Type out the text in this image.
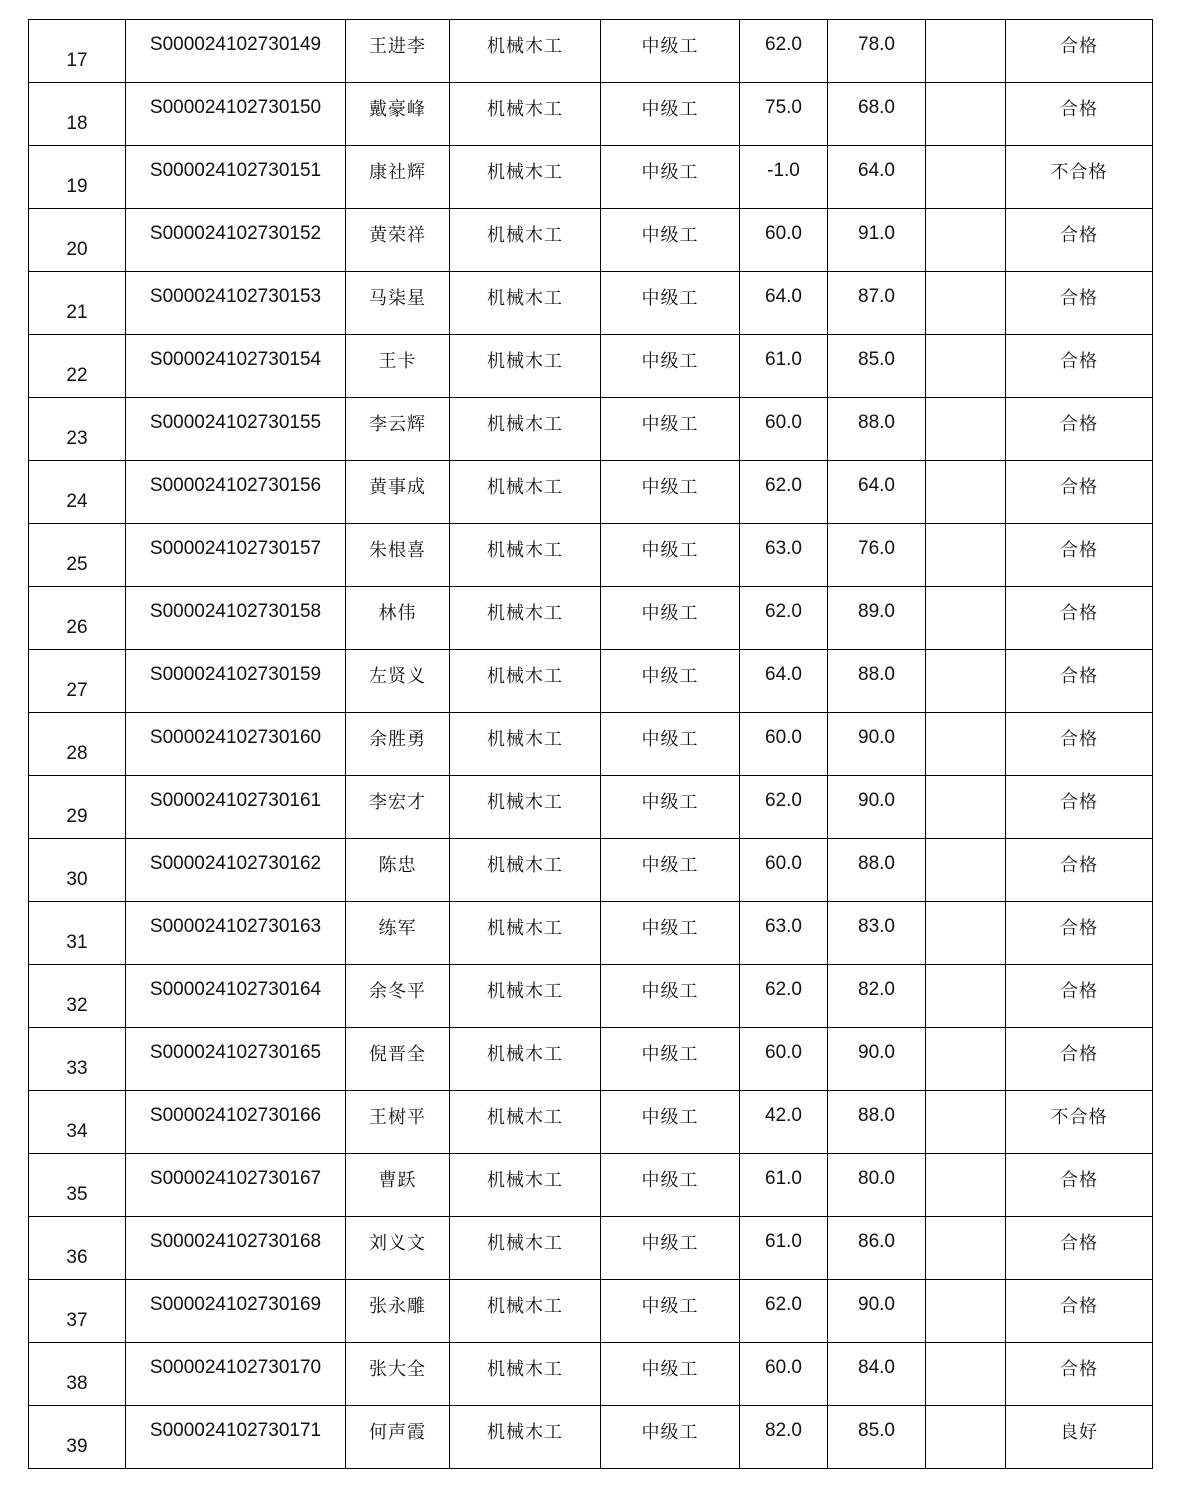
17	S000024102730149	王进李	机械木工	中级工	62.0	78.0		合格
18	S000024102730150	戴豪峰	机械木工	中级工	75.0	68.0		合格
19	S000024102730151	康社辉	机械木工	中级工	-1.0	64.0		不合格
20	S000024102730152	黄荣祥	机械木工	中级工	60.0	91.0		合格
21	S000024102730153	马柒星	机械木工	中级工	64.0	87.0		合格
22	S000024102730154	王卡	机械木工	中级工	61.0	85.0		合格
23	S000024102730155	李云辉	机械木工	中级工	60.0	88.0		合格
24	S000024102730156	黄事成	机械木工	中级工	62.0	64.0		合格
25	S000024102730157	朱根喜	机械木工	中级工	63.0	76.0		合格
26	S000024102730158	林伟	机械木工	中级工	62.0	89.0		合格
27	S000024102730159	左贤义	机械木工	中级工	64.0	88.0		合格
28	S000024102730160	余胜勇	机械木工	中级工	60.0	90.0		合格
29	S000024102730161	李宏才	机械木工	中级工	62.0	90.0		合格
30	S000024102730162	陈忠	机械木工	中级工	60.0	88.0		合格
31	S000024102730163	练军	机械木工	中级工	63.0	83.0		合格
32	S000024102730164	余冬平	机械木工	中级工	62.0	82.0		合格
33	S000024102730165	倪晋全	机械木工	中级工	60.0	90.0		合格
34	S000024102730166	王树平	机械木工	中级工	42.0	88.0		不合格
35	S000024102730167	曹跃	机械木工	中级工	61.0	80.0		合格
36	S000024102730168	刘义文	机械木工	中级工	61.0	86.0		合格
37	S000024102730169	张永雕	机械木工	中级工	62.0	90.0		合格
38	S000024102730170	张大全	机械木工	中级工	60.0	84.0		合格
39	S000024102730171	何声霞	机械木工	中级工	82.0	85.0		良好
